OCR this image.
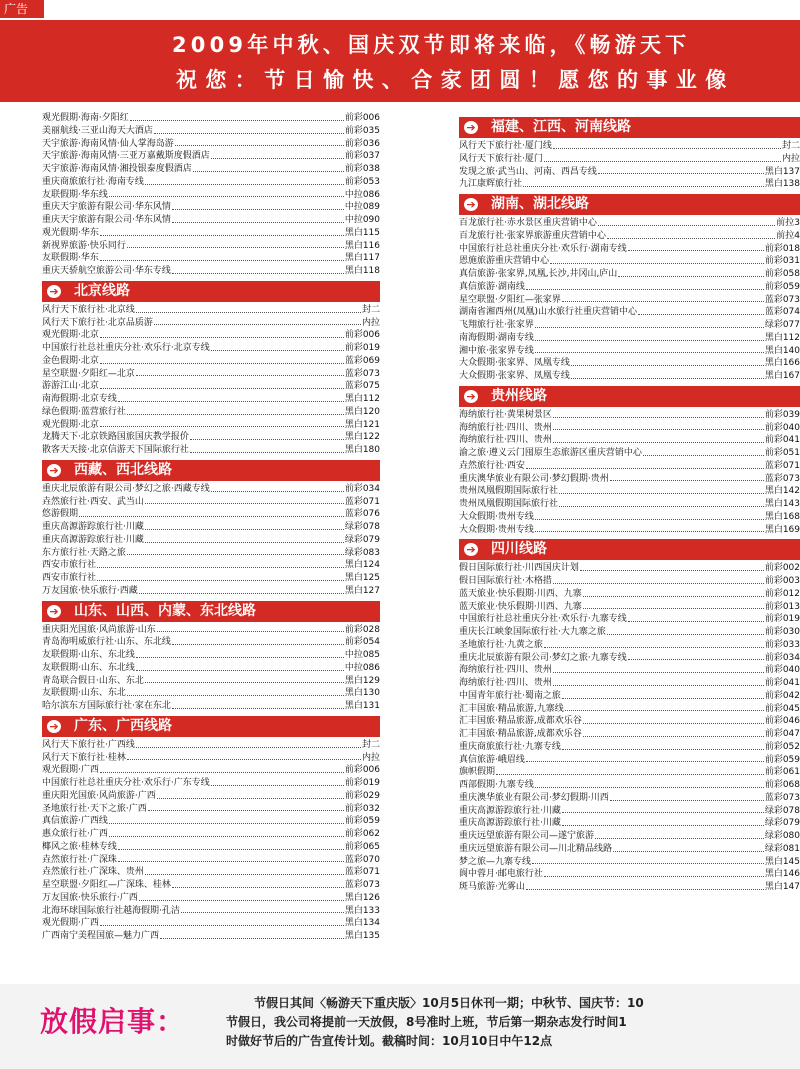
广告
2009年中秋、国庆双节即将来临，《畅游天下
祝您：节日愉快、合家团圆！愿您的事业像
观光假期·海南·夕阳红	前彩006
美丽航线·三亚山海天大酒店	前彩035
天宇旅游·海南风情·仙人掌海岛游	前彩036
天宇旅游·海南风情·三亚万嘉戴斯度假酒店	前彩037
天宇旅游·海南风情·湘投银泰度假酒店	前彩038
重庆商旅旅行社·海南专线	前彩053
友联假期·华东线	中拉086
重庆天宇旅游有限公司·华东风情	中拉089
重庆天宇旅游有限公司·华东风情	中拉090
观光假期·华东	黑白115
新视界旅游·快乐同行	黑白116
友联假期·华东	黑白117
重庆天骄航空旅游公司·华东专线	黑白118
➔ 北京线路
风行天下旅行社·北京线	封二
风行天下旅行社·北京品质游	内拉
观光假期·北京	前彩006
中国旅行社总社重庆分社·欢乐行·北京专线	前彩019
金色假期·北京	蓝彩069
星空联盟·夕阳红—北京	蓝彩073
游游江山·北京	蓝彩075
南海假期·北京专线	黑白112
绿色假期·蓝营旅行社	黑白120
观光假期·北京	黑白121
龙腾天下·北京铁路国旅国庆教学报价	黑白122
散客天天接·北京信游天下国际旅行社	黑白180
➔ 西藏、西北线路
重庆北辰旅游有限公司·梦幻之旅·西藏专线	前彩034
垚然旅行社·西安、武当山	蓝彩071
悠游假期	蓝彩076
重庆高源游踪旅行社·川藏	绿彩078
重庆高源游踪旅行社·川藏	绿彩079
东方旅行社·天路之旅	绿彩083
西安市旅行社	黑白124
西安市旅行社	黑白125
万友国旅·快乐旅行·西藏	黑白127
➔ 山东、山西、内蒙、东北线路
重庆阳光国旅·风尚旅游·山东	前彩028
青岛海明威旅行社·山东、东北线	前彩054
友联假期·山东、东北线	中拉085
友联假期·山东、东北线	中拉086
青岛联合假日·山东、东北	黑白129
友联假期·山东、东北	黑白130
哈尔滨东方国际旅行社·家在东北	黑白131
➔ 广东、广西线路
风行天下旅行社·广西线	封二
风行天下旅行社·桂林	内拉
观光假期·广西	前彩006
中国旅行社总社重庆分社·欢乐行·广东专线	前彩019
重庆阳光国旅·风尚旅游·广西	前彩029
圣地旅行社·天下之旅·广西	前彩032
真信旅游·广西线	前彩059
惠众旅行社·广西	前彩062
椰风之旅·桂林专线	前彩065
垚然旅行社·广深珠	蓝彩070
垚然旅行社·广深珠、贵州	蓝彩071
星空联盟·夕阳红—广深珠、桂林	蓝彩073
万友国旅·快乐旅行·广西	黑白126
北海环球国际旅行社越海假期·孔洁	黑白133
观光假期·广西	黑白134
广西南宁美程国旅—魅力广西	黑白135
➔ 福建、江西、河南线路
风行天下旅行社·厦门线	封二
风行天下旅行社·厦门	内拉
发现之旅·武当山、河南、西昌专线	黑白137
九江康辉旅行社	黑白138
➔ 湖南、湖北线路
百龙旅行社·赤水景区重庆营销中心	前拉3
百龙旅行社·张家界旅游重庆营销中心	前拉4
中国旅行社总社重庆分社·欢乐行·湖南专线	前彩018
恩施旅游重庆营销中心	前彩031
真信旅游·张家界,凤凰,长沙,井冈山,庐山	前彩058
真信旅游·湖南线	前彩059
星空联盟·夕阳红—张家界	蓝彩073
湖南省湘西州(凤凰)山水旅行社重庆营销中心	蓝彩074
飞翔旅行社·张家界	绿彩077
南海假期·湖南专线	黑白112
湘中旅·张家界专线	黑白140
大众假期·张家界、凤凰专线	黑白166
大众假期·张家界、凤凰专线	黑白167
➔ 贵州线路
海纳旅行社·黄果树景区	前彩039
海纳旅行社·四川、贵州	前彩040
海纳旅行社·四川、贵州	前彩041
渝之旅·遵义云门囤原生态旅游区重庆营销中心	前彩051
垚然旅行社·西安	蓝彩071
重庆澳华旅业有限公司·梦幻假期·贵州	蓝彩073
贵州凤凰假期国际旅行社	黑白142
贵州凤凰假期国际旅行社	黑白143
大众假期·贵州专线	黑白168
大众假期·贵州专线	黑白169
➔ 四川线路
假日国际旅行社·川西国庆计划	前彩002
假日国际旅行社·木格措	前彩003
蓝天旅业·快乐假期·川西、九寨	前彩012
蓝天旅业·快乐假期·川西、九寨	前彩013
中国旅行社总社重庆分社·欢乐行·九寨专线	前彩019
重庆长江峡象国际旅行社·大九寨之旅	前彩030
圣地旅行社·九黄之旅	前彩033
重庆北辰旅游有限公司·梦幻之旅·九寨专线	前彩034
海纳旅行社·四川、贵州	前彩040
海纳旅行社·四川、贵州	前彩041
中国青年旅行社·蜀南之旅	前彩042
汇丰国旅·精品旅游,九寨线	前彩045
汇丰国旅·精品旅游,成都欢乐谷	前彩046
汇丰国旅·精品旅游,成都欢乐谷	前彩047
重庆商旅旅行社·九寨专线	前彩052
真信旅游·峨眉线	前彩059
旗帜假期	前彩061
西部假期·九寨专线	前彩068
重庆澳华旅业有限公司·梦幻假期·川西	蓝彩073
重庆高源游踪旅行社·川藏	绿彩078
重庆高源游踪旅行社·川藏	绿彩079
重庆远望旅游有限公司—遂宁旅游	绿彩080
重庆远望旅游有限公司—川北精品线路	绿彩081
梦之旅—九寨专线	黑白145
阆中蓉月·邮电旅行社	黑白146
斑马旅游·光雾山	黑白147
放假启事：
节假日其间〈畅游天下重庆版〉10月5日休刊一期；中秋节、国庆节：10
节假日，我公司将提前一天放假，8号准时上班，节后第一期杂志发行时间1
时做好节后的广告宣传计划。截稿时间：10月10日中午12点
